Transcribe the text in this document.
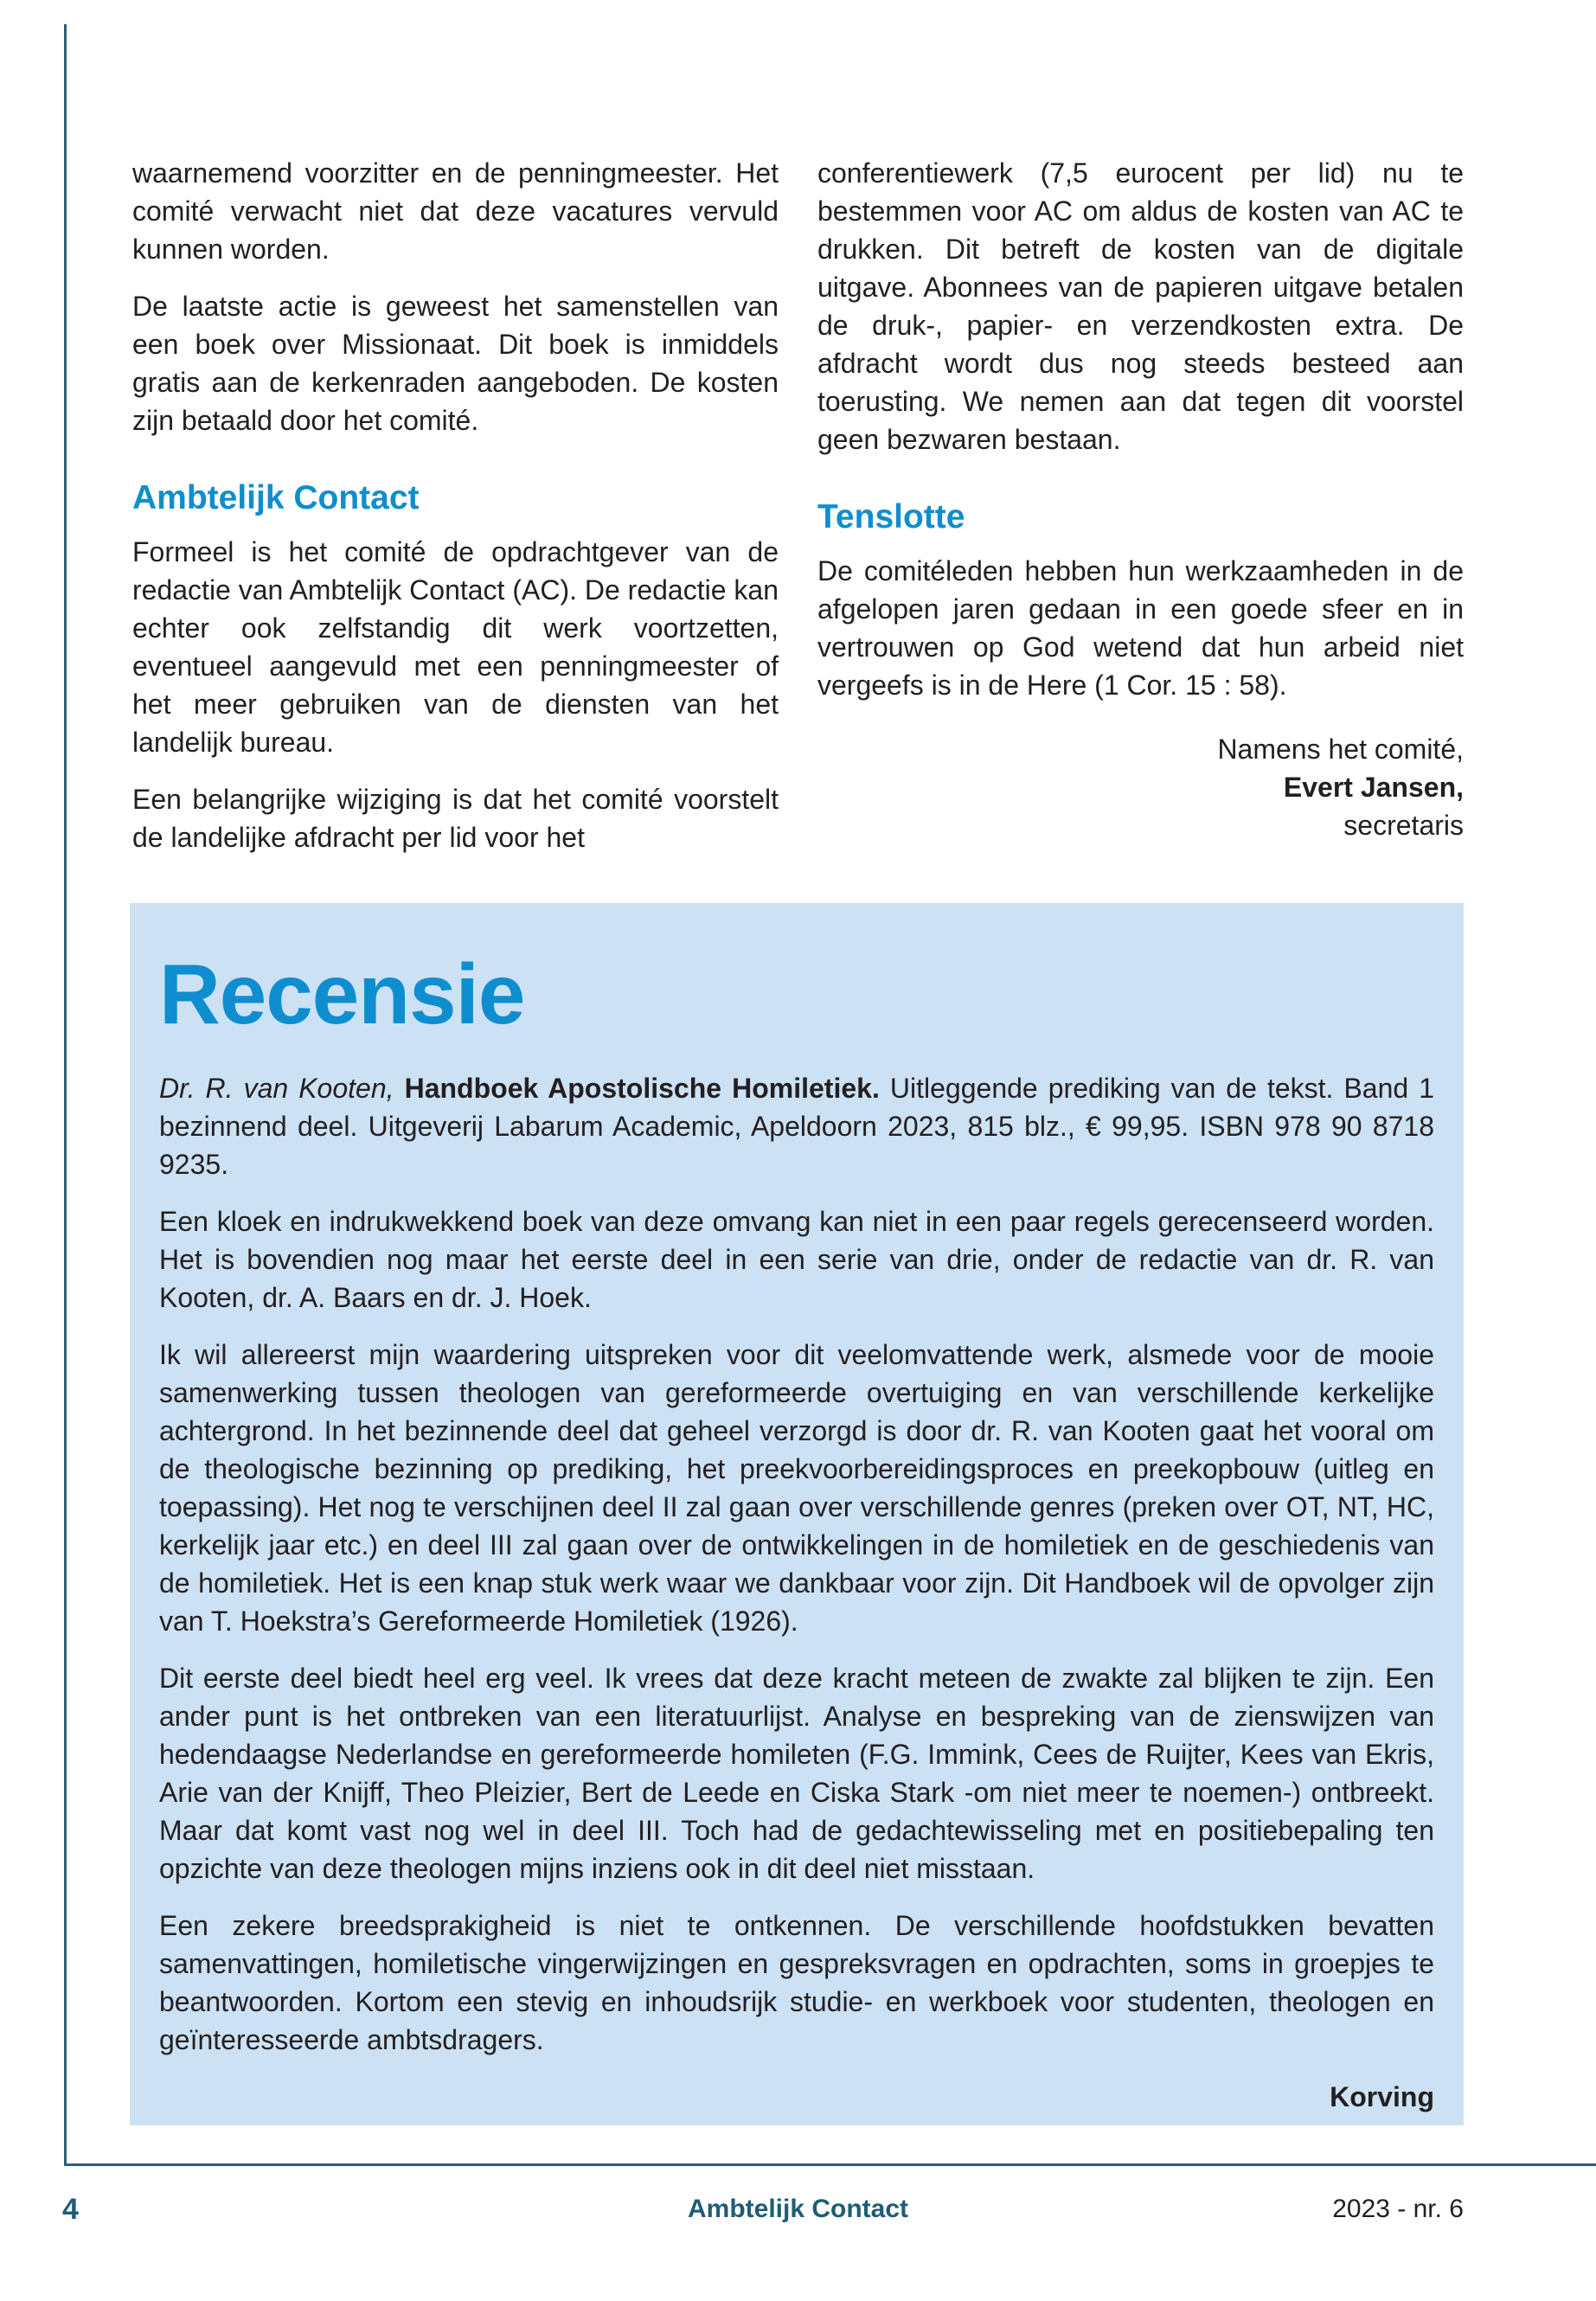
waarnemend voorzitter en de penningmeester. Het comité verwacht niet dat deze vacatures vervuld kunnen worden.

De laatste actie is geweest het samenstellen van een boek over Missionaat. Dit boek is inmiddels gratis aan de kerkenraden aangeboden. De kosten zijn betaald door het comité.

Ambtelijk Contact

Formeel is het comité de opdrachtgever van de redactie van Ambtelijk Contact (AC). De redactie kan echter ook zelfstandig dit werk voortzetten, eventueel aangevuld met een penningmeester of het meer gebruiken van de diensten van het landelijk bureau.

Een belangrijke wijziging is dat het comité voorstelt de landelijke afdracht per lid voor het

conferentiewerk (7,5 eurocent per lid) nu te bestemmen voor AC om aldus de kosten van AC te drukken. Dit betreft de kosten van de digitale uitgave. Abonnees van de papieren uitgave betalen de druk-, papier- en verzendkosten extra. De afdracht wordt dus nog steeds besteed aan toerusting. We nemen aan dat tegen dit voorstel geen bezwaren bestaan.

Tenslotte

De comitéleden hebben hun werkzaamheden in de afgelopen jaren gedaan in een goede sfeer en in vertrouwen op God wetend dat hun arbeid niet vergeefs is in de Here (1 Cor. 15 : 58).

Namens het comité,
Evert Jansen,
secretaris
Recensie

Dr. R. van Kooten, Handboek Apostolische Homiletiek. Uitleggende prediking van de tekst. Band 1 bezinnend deel. Uitgeverij Labarum Academic, Apeldoorn 2023, 815 blz., € 99,95. ISBN 978 90 8718 9235.

Een kloek en indrukwekkend boek van deze omvang kan niet in een paar regels gerecenseerd worden. Het is bovendien nog maar het eerste deel in een serie van drie, onder de redactie van dr. R. van Kooten, dr. A. Baars en dr. J. Hoek.

Ik wil allereerst mijn waardering uitspreken voor dit veelomvattende werk, alsmede voor de mooie samenwerking tussen theologen van gereformeerde overtuiging en van verschillende kerkelijke achtergrond. In het bezinnende deel dat geheel verzorgd is door dr. R. van Kooten gaat het vooral om de theologische bezinning op prediking, het preekvoorbereidingsproces en preekopbouw (uitleg en toepassing). Het nog te verschijnen deel II zal gaan over verschillende genres (preken over OT, NT, HC, kerkelijk jaar etc.) en deel III zal gaan over de ontwikkelingen in de homiletiek en de geschiedenis van de homiletiek. Het is een knap stuk werk waar we dankbaar voor zijn. Dit Handboek wil de opvolger zijn van T. Hoekstra’s Gereformeerde Homiletiek (1926).

Dit eerste deel biedt heel erg veel. Ik vrees dat deze kracht meteen de zwakte zal blijken te zijn. Een ander punt is het ontbreken van een literatuurlijst. Analyse en bespreking van de zienswijzen van hedendaagse Nederlandse en gereformeerde homileten (F.G. Immink, Cees de Ruijter, Kees van Ekris, Arie van der Knijff, Theo Pleizier, Bert de Leede en Ciska Stark -om niet meer te noemen-) ontbreekt. Maar dat komt vast nog wel in deel III. Toch had de gedachtewisseling met en positiebepaling ten opzichte van deze theologen mijns inziens ook in dit deel niet misstaan.

Een zekere breedsprakigheid is niet te ontkennen. De verschillende hoofdstukken bevatten samenvattingen, homiletische vingerwijzingen en gespreksvragen en opdrachten, soms in groepjes te beantwoorden. Kortom een stevig en inhoudsrijk studie- en werkboek voor studenten, theologen en geïnteresseerde ambtsdragers.

Korving
4	Ambtelijk Contact	2023 - nr. 6
